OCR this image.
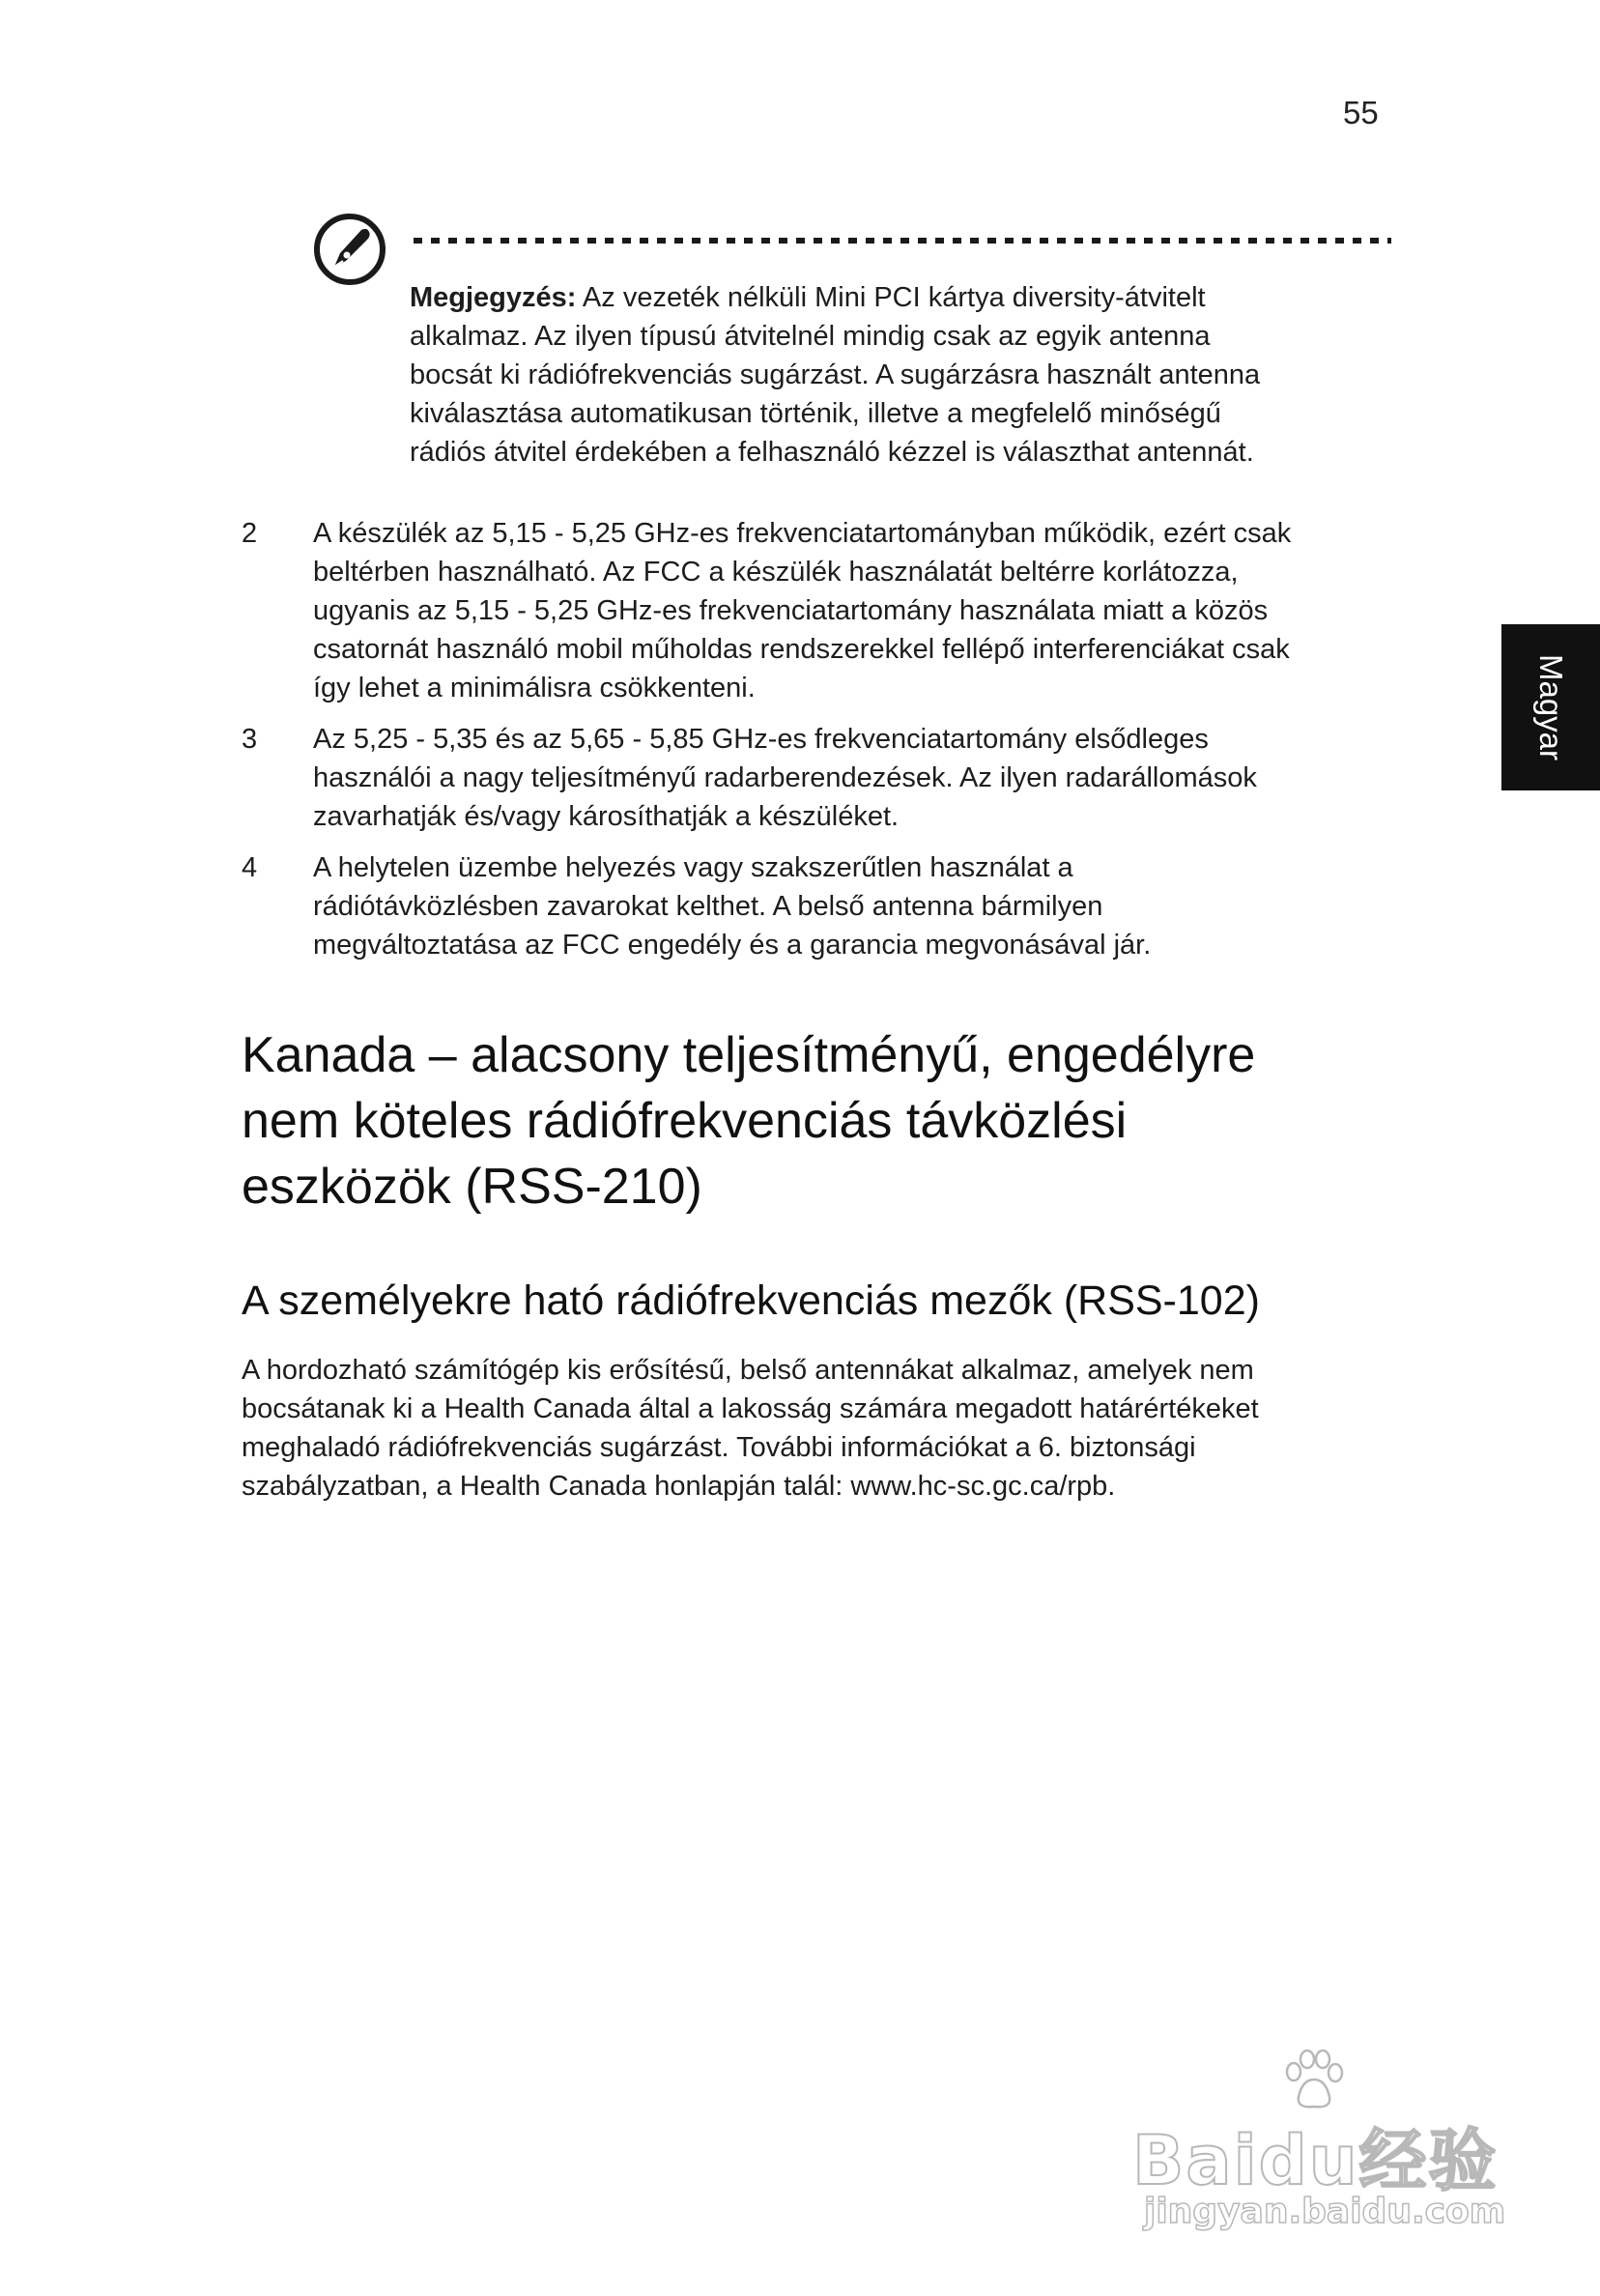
55
Megjegyzés: Az vezeték nélküli Mini PCI kártya diversity-átvitelt
alkalmaz. Az ilyen típusú átvitelnél mindig csak az egyik antenna
bocsát ki rádiófrekvenciás sugárzást. A sugárzásra használt antenna
kiválasztása automatikusan történik, illetve a megfelelő minőségű
rádiós átvitel érdekében a felhasználó kézzel is választhat antennát.
2 A készülék az 5,15 - 5,25 GHz-es frekvenciatartományban működik, ezért csak
beltérben használható. Az FCC a készülék használatát beltérre korlátozza,
ugyanis az 5,15 - 5,25 GHz-es frekvenciatartomány használata miatt a közös
csatornát használó mobil műholdas rendszerekkel fellépő interferenciákat csak
így lehet a minimálisra csökkenteni.
3 Az 5,25 - 5,35 és az 5,65 - 5,85 GHz-es frekvenciatartomány elsődleges
használói a nagy teljesítményű radarberendezések. Az ilyen radarállomások
zavarhatják és/vagy károsíthatják a készüléket.
4 A helytelen üzembe helyezés vagy szakszerűtlen használat a
rádiótávközlésben zavarokat kelthet. A belső antenna bármilyen
megváltoztatása az FCC engedély és a garancia megvonásával jár.
Kanada – alacsony teljesítményű, engedélyre
nem köteles rádiófrekvenciás távközlési
eszközök (RSS-210)
A személyekre ható rádiófrekvenciás mezők (RSS-102)
A hordozható számítógép kis erősítésű, belső antennákat alkalmaz, amelyek nem
bocsátanak ki a Health Canada által a lakosság számára megadott határértékeket
meghaladó rádiófrekvenciás sugárzást. További információkat a 6. biztonsági
szabályzatban, a Health Canada honlapján talál: www.hc-sc.gc.ca/rpb.
Magyar
Baidu经验
jingyan.baidu.com
